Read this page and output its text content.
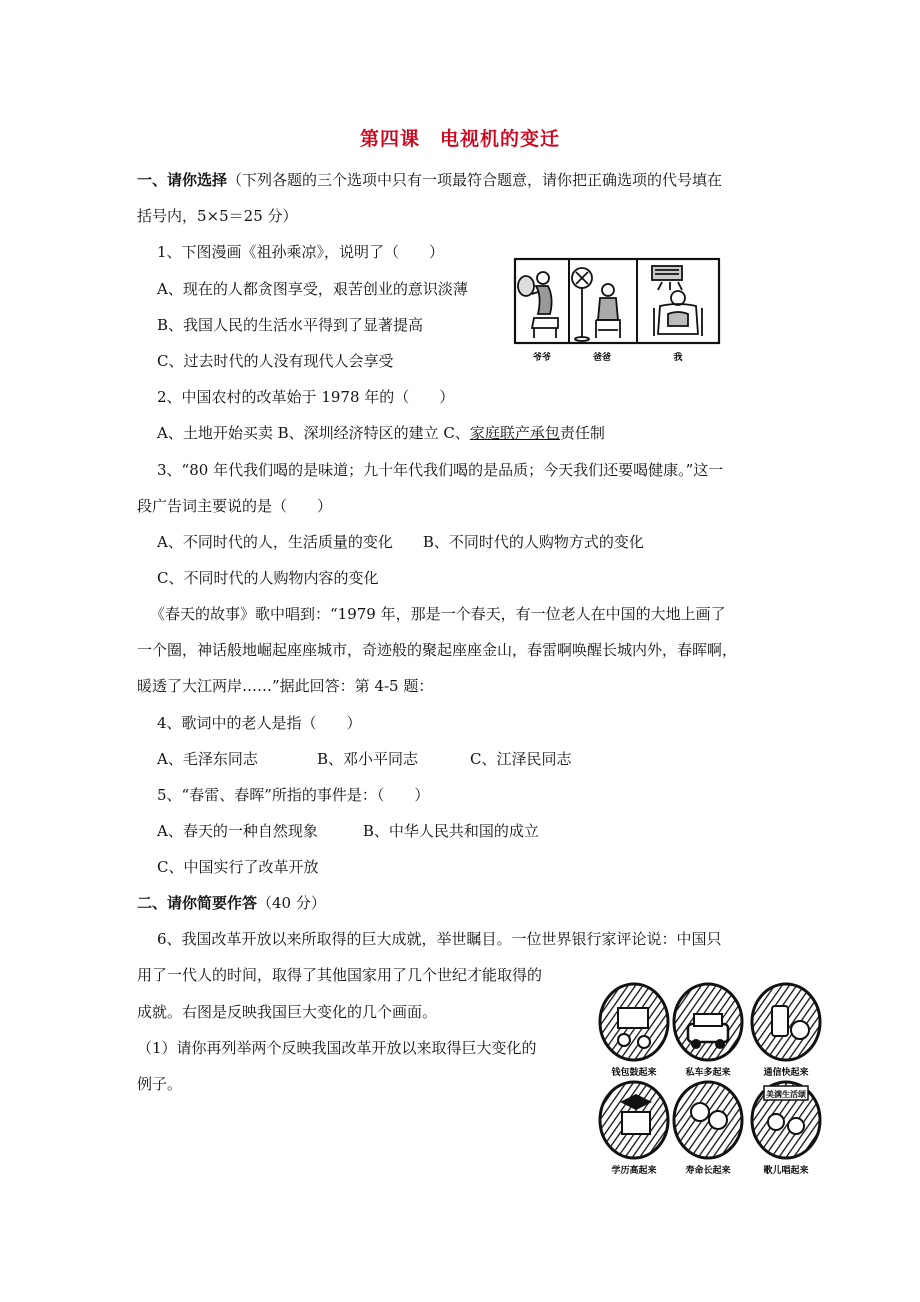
第四课　电视机的变迁
一、请你选择（下列各题的三个选项中只有一项最符合题意，请你把正确选项的代号填在
括号内，5×5＝25 分）
1、下图漫画《祖孙乘凉》，说明了（　　）
A、现在的人都贪图享受，艰苦创业的意识淡薄
B、我国人民的生活水平得到了显著提高
C、过去时代的人没有现代人会享受	爷爷	爸爸	我
2、中国农村的改革始于 1978 年的（　　）
A、土地开始买卖 B、深圳经济特区的建立 C、家庭联产承包责任制
3、“80 年代我们喝的是味道；九十年代我们喝的是品质；今天我们还要喝健康。”这一
段广告词主要说的是（　　）
A、不同时代的人，生活质量的变化　　B、不同时代的人购物方式的变化
C、不同时代的人购物内容的变化
《春天的故事》歌中唱到：“1979 年，那是一个春天，有一位老人在中国的大地上画了
一个圈，神话般地崛起座座城市，奇迹般的聚起座座金山，春雷啊唤醒长城内外，春晖啊，
暖透了大江两岸……”据此回答：第 4-5 题：
4、歌词中的老人是指（　　）
A、毛泽东同志	B、邓小平同志	C、江泽民同志
5、“春雷、春晖”所指的事件是：（　　）
A、春天的一种自然现象　　　B、中华人民共和国的成立
C、中国实行了改革开放
二、请你简要作答（40 分）
6、我国改革开放以来所取得的巨大成就，举世瞩目。一位世界银行家评论说：中国只
用了一代人的时间，取得了其他国家用了几个世纪才能取得的
成就。右图是反映我国巨大变化的几个画面。
（1）请你再列举两个反映我国改革开放以来取得巨大变化的
例子。
钱包鼓起来	私车多起来	通信快起来
美满生活颂
学历高起来	寿命长起来	歌儿唱起来
